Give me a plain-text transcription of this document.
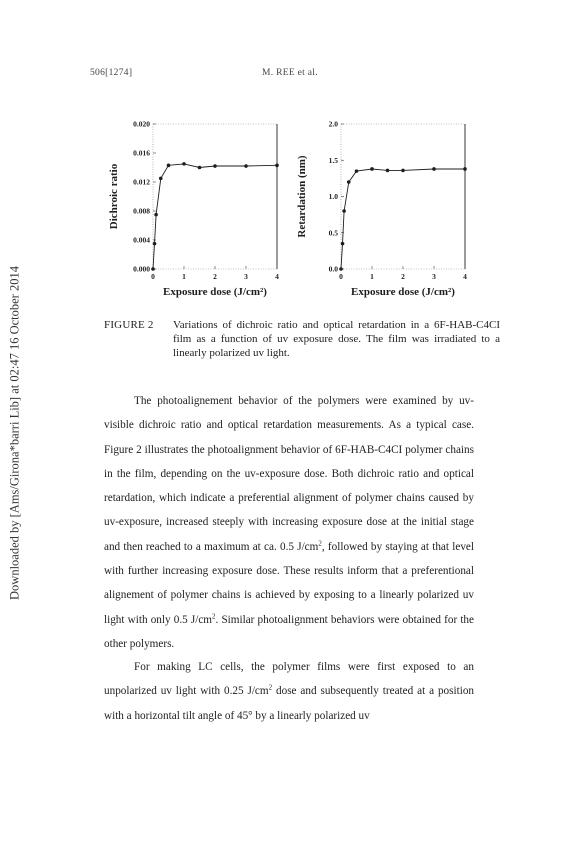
506[1274]	M. REE et al.
Downloaded by [Ams/Girona*barri Lib] at 02:47 16 October 2014	0	1	2	3	4
0.000
0.004
0.008
0.012
0.016
0.020
Exposure dose (J/cm²)
Dichroic ratio
0	1	2	3	4
0.0
0.5
1.0
1.5
2.0
Exposure dose (J/cm²)
Retardation (nm)
FIGURE 2 Variations of dichroic ratio and optical retardation in a 6F-HAB-C4CI film as a function of uv exposure dose. The film was irradiated to a linearly polarized uv light.

The photoalignement behavior of the polymers were examined by uv-visible dichroic ratio and optical retardation measurements. As a typical case. Figure 2 illustrates the photoalignment behavior of 6F-HAB-C4CI polymer chains in the film, depending on the uv-exposure dose. Both dichroic ratio and optical retardation, which indicate a preferential alignment of polymer chains caused by uv-exposure, increased steeply with increasing exposure dose at the initial stage and then reached to a maximum at ca. 0.5 $J/cm^2$, followed by staying at that level with further increasing exposure dose. These results inform that a preferentional alignement of polymer chains is achieved by exposing to a linearly polarized uv light with only 0.5 $J/cm^2$. Similar photoalignment behaviors were obtained for the other polymers.

For making LC cells, the polymer films were first exposed to an unpolarized uv light with 0.25 $J/cm^2$ dose and subsequently treated at a position with a horizontal tilt angle of 45° by a linearly polarized uv
